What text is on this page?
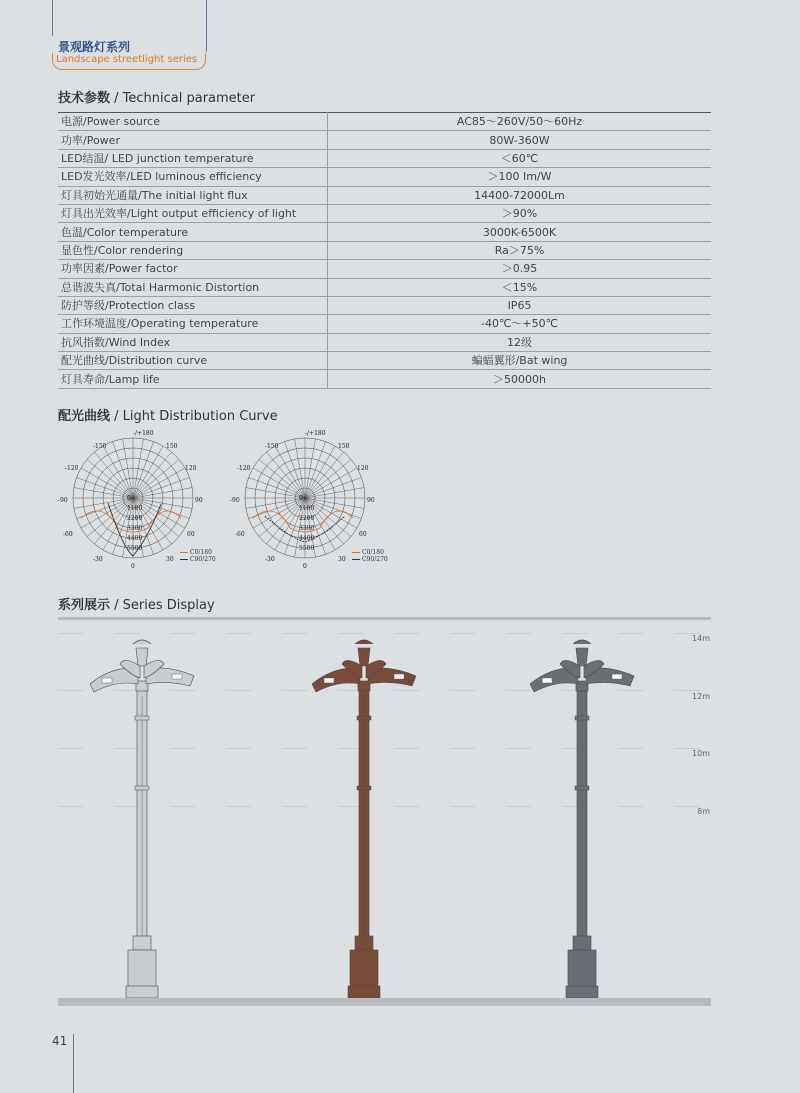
景观路灯系列
Landscape streetlight series
技术参数 / Technical parameter
电源/Power source	AC85～260V/50～60Hz
功率/Power	80W-360W
LED结温/ LED junction temperature	＜60℃
LED发光效率/LED luminous efficiency	＞100 Im/W
灯具初始光通量/The initial light flux	14400-72000Lm
灯具出光效率/Light output efficiency of light	＞90%
色温/Color temperature	3000K-6500K
显色性/Color rendering	Ra＞75%
功率因素/Power factor	＞0.95
总谐波失真/Total Harmonic Distortion	＜15%
防护等级/Protection class	IP65
工作环境温度/Operating temperature	-40℃～+50℃
抗风指数/Wind Index	12级
配光曲线/Distribution curve	蝙蝠翼形/Bat wing
灯具寿命/Lamp life	＞50000h
配光曲线 / Light Distribution Curve
-/+180
-150	150
-120	120
-90	90
-60	60
-30	30
0
0
1100
2200
3300
4400
5500
-/+180
-150	150
-120	120
-90	90
-60	60
-30	30
0
0
1100
2200
3300
4400
5500
C0/180
C90/270
C0/180
C90/270
系列展示 / Series Display
14m
12m
10m
8m
41
